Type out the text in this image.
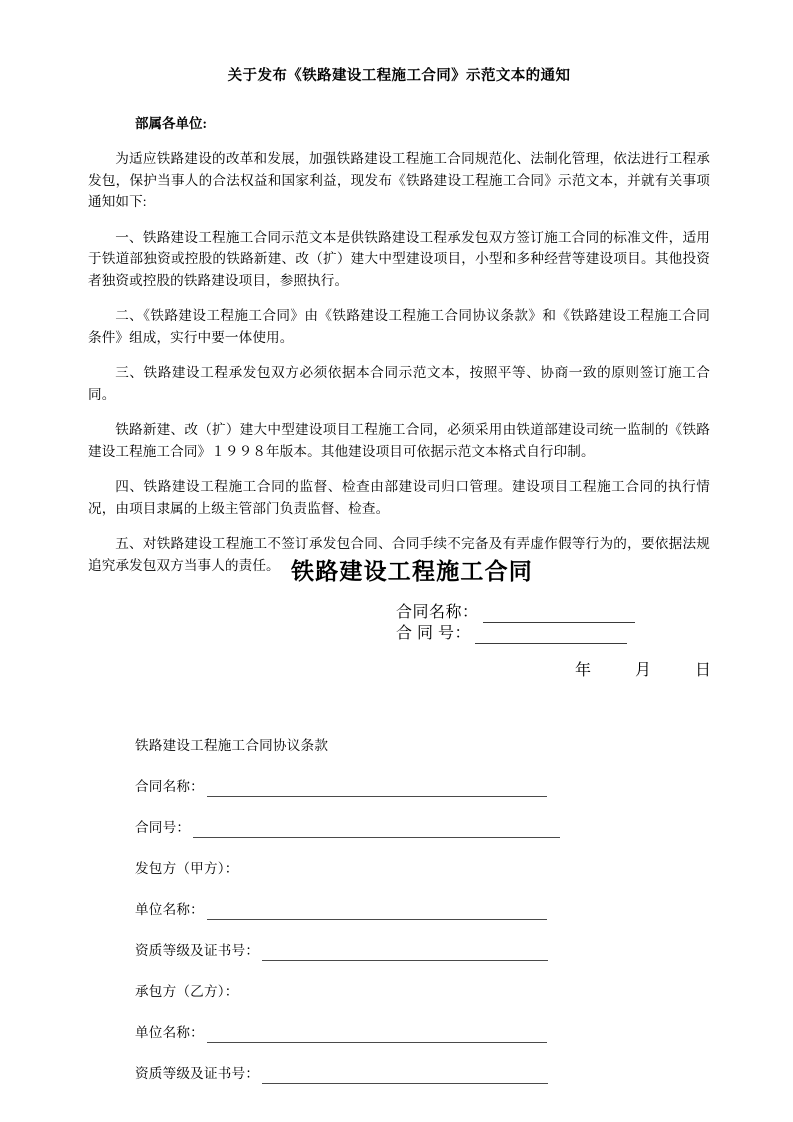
关于发布《铁路建设工程施工合同》示范文本的通知
部属各单位:

为适应铁路建设的改革和发展，加强铁路建设工程施工合同规范化、法制化管理，依法进行工程承发包，保护当事人的合法权益和国家利益，现发布《铁路建设工程施工合同》示范文本，并就有关事项通知如下:

一、铁路建设工程施工合同示范文本是供铁路建设工程承发包双方签订施工合同的标准文件，适用于铁道部独资或控股的铁路新建、改（扩）建大中型建设项目，小型和多种经营等建设项目。其他投资者独资或控股的铁路建设项目，参照执行。

二、《铁路建设工程施工合同》由《铁路建设工程施工合同协议条款》和《铁路建设工程施工合同条件》组成，实行中要一体使用。

三、铁路建设工程承发包双方必须依据本合同示范文本，按照平等、协商一致的原则签订施工合同。

铁路新建、改（扩）建大中型建设项目工程施工合同，必须采用由铁道部建设司统一监制的《铁路建设工程施工合同》１９９８年版本。其他建设项目可依据示范文本格式自行印制。

四、铁路建设工程施工合同的监督、检查由部建设司归口管理。建设项目工程施工合同的执行情况，由项目隶属的上级主管部门负责监督、检查。

五、对铁路建设工程施工不签订承发包合同、合同手续不完备及有弄虚作假等行为的，要依据法规追究承发包双方当事人的责任。 铁路建设工程施工合同
合同名称：
合 同 号：
年	月	日
铁路建设工程施工合同协议条款
合同名称：
合同号：
发包方（甲方）：
单位名称：
资质等级及证书号：
承包方（乙方）：
单位名称：
资质等级及证书号：
